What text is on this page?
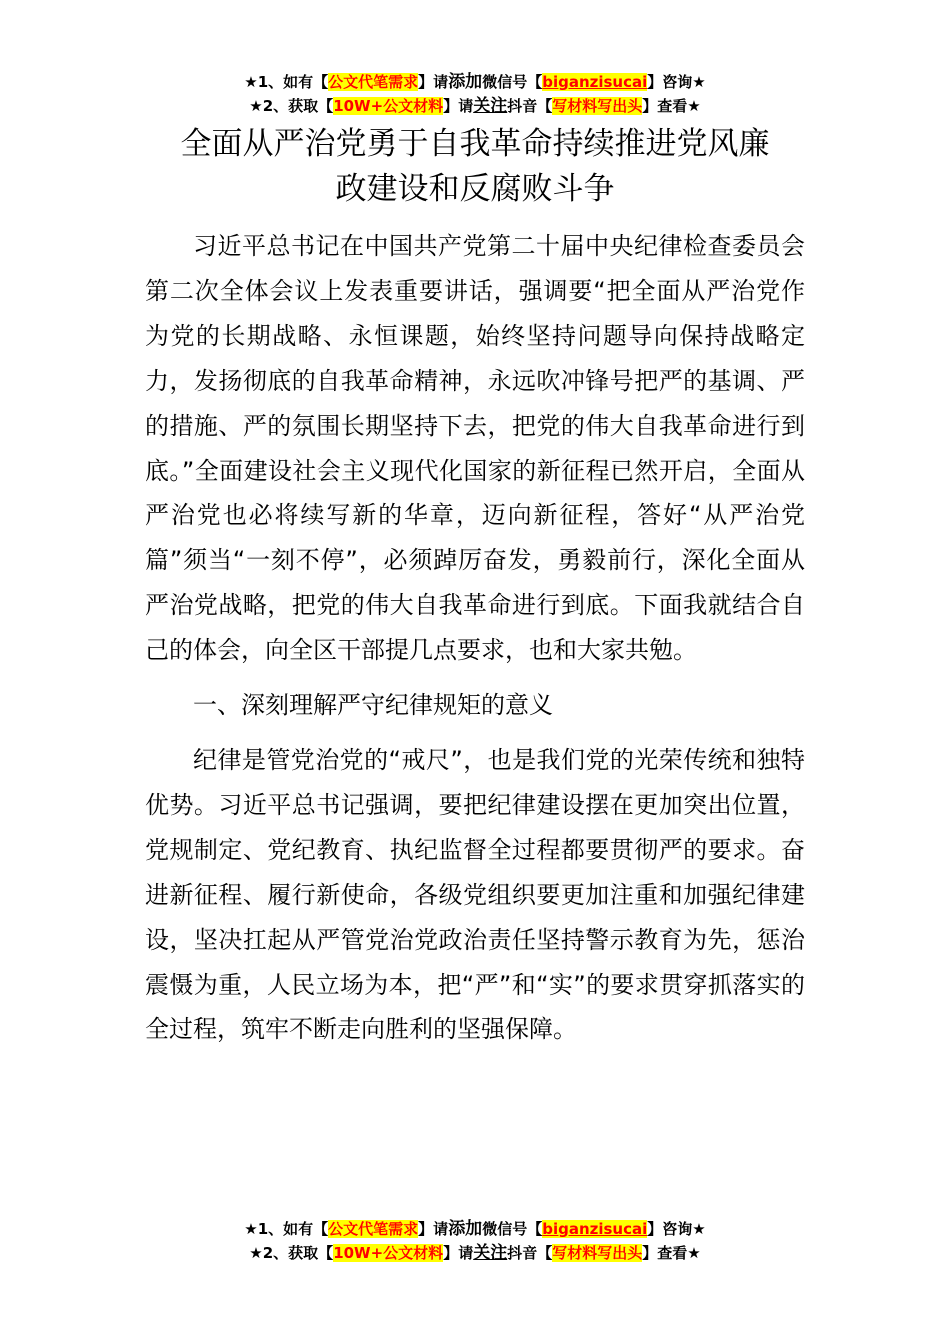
★1、如有【公文代笔需求】请添加微信号【biganzisucai】咨询★
★2、获取【10W+公文材料】请关注抖音【写材料写出头】查看★
全面从严治党勇于自我革命持续推进党风廉
政建设和反腐败斗争

习近平总书记在中国共产党第二十届中央纪律检查委员会第二次全体会议上发表重要讲话，强调要“把全面从严治党作为党的长期战略、永恒课题，始终坚持问题导向保持战略定力，发扬彻底的自我革命精神，永远吹冲锋号把严的基调、严的措施、严的氛围长期坚持下去，把党的伟大自我革命进行到底。”全面建设社会主义现代化国家的新征程已然开启，全面从严治党也必将续写新的华章，迈向新征程，答好“从严治党篇”须当“一刻不停”，必须踔厉奋发，勇毅前行，深化全面从严治党战略，把党的伟大自我革命进行到底。下面我就结合自己的体会，向全区干部提几点要求，也和大家共勉。

一、深刻理解严守纪律规矩的意义

纪律是管党治党的“戒尺”，也是我们党的光荣传统和独特优势。习近平总书记强调，要把纪律建设摆在更加突出位置，党规制定、党纪教育、执纪监督全过程都要贯彻严的要求。奋进新征程、履行新使命，各级党组织要更加注重和加强纪律建设，坚决扛起从严管党治党政治责任坚持警示教育为先，惩治震慑为重，人民立场为本，把“严”和“实”的要求贯穿抓落实的全过程，筑牢不断走向胜利的坚强保障。

★1、如有【公文代笔需求】请添加微信号【biganzisucai】咨询★
★2、获取【10W+公文材料】请关注抖音【写材料写出头】查看★
